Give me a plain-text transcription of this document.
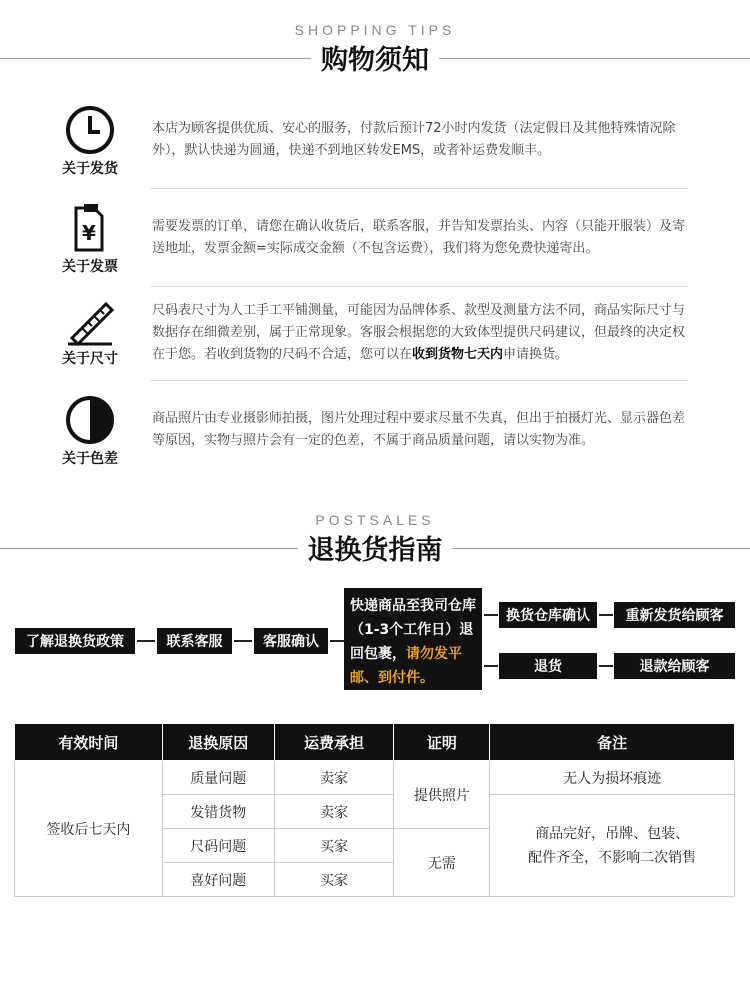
SHOPPING TIPS
购物须知
关于发货
本店为顾客提供优质、安心的服务，付款后预计72小时内发货（法定假日及其他特殊情况除外），默认快递为圆通，快递不到地区转发EMS，或者补运费发顺丰。
¥
关于发票
需要发票的订单，请您在确认收货后，联系客服，并告知发票抬头、内容（只能开服装）及寄送地址，发票金额=实际成交金额（不包含运费），我们将为您免费快递寄出。
关于尺寸
尺码表尺寸为人工手工平铺测量，可能因为品牌体系、款型及测量方法不同，商品实际尺寸与数据存在细微差别，属于正常现象。客服会根据您的大致体型提供尺码建议，但最终的决定权在于您。若收到货物的尺码不合适，您可以在收到货物七天内申请换货。
关于色差
商品照片由专业摄影师拍摄，图片处理过程中要求尽量不失真，但出于拍摄灯光、显示器色差等原因，实物与照片会有一定的色差，不属于商品质量问题，请以实物为准。
POSTSALES
退换货指南
了解退换货政策	联系客服	客服确认
快递商品至我司仓库（1-3个工作日）退回包裹，请勿发平邮、到付件。
换货仓库确认	重新发货给顾客
退货	退款给顾客
有效时间	退换原因	运费承担	证明	备注
签收后七天内	质量问题	卖家	提供照片	无人为损坏痕迹
	发错货物	卖家		商品完好，吊牌、包装、
配件齐全，不影响二次销售

	尺码问题	买家	无需	
	喜好问题	买家		
